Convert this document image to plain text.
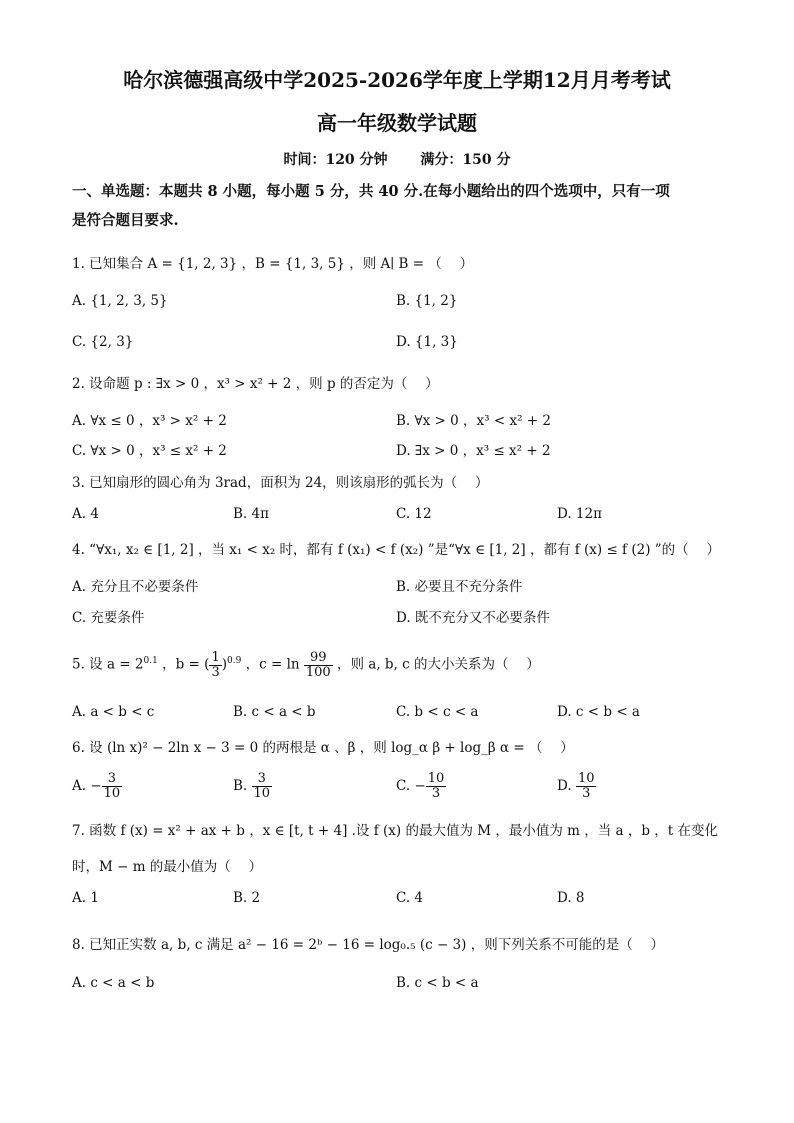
哈尔滨德强高级中学2025-2026学年度上学期12月月考考试
高一年级数学试题
时间：120 分钟　　 满分：150 分
一、单选题：本题共 8 小题，每小题 5 分，共 40 分.在每小题给出的四个选项中，只有一项
是符合题目要求.
1. 已知集合 A = {1, 2, 3} ，B = {1, 3, 5} ，则 A∣ B = （　 ）
A. {1, 2, 3, 5}	B. {1, 2}
C. {2, 3}	D. {1, 3}
2. 设命题 p : ∃x > 0 ，x³ > x² + 2 ，则 p 的否定为（　 ）
A. ∀x ≤ 0 ，x³ > x² + 2	B. ∀x > 0 ，x³ < x² + 2
C. ∀x > 0 ，x³ ≤ x² + 2	D. ∃x > 0 ，x³ ≤ x² + 2
3. 已知扇形的圆心角为 3rad，面积为 24，则该扇形的弧长为（　 ）
A. 4	B. 4π	C. 12	D. 12π
4. “∀x₁, x₂ ∈ [1, 2] ，当 x₁ < x₂ 时，都有 f (x₁) < f (x₂) ”是“∀x ∈ [1, 2] ，都有 f (x) ≤ f (2) ”的（　 ）
A. 充分且不必要条件	B. 必要且不充分条件
C. 充要条件	D. 既不充分又不必要条件
5. 设 $a = 2^{0.1}$ ，b = ( $\frac{1}{3} )^{0.9}$ ，$c = \ln \frac{99}{100}$ ，则 a, b, c 的大小关系为（　 ）
A. a < b < c	B. c < a < b	C. b < c < a	D. c < b < a
6. 设 (ln x)² − 2ln x − 3 = 0 的两根是 α 、β ，则 log_α β + log_β α = （　 ）
A. − $\frac{3}{10}$	B. $\frac{3}{10}$	C. − $\frac{10}{3}$	D. $\frac{10}{3}$
7. 函数 f (x) = x² + ax + b ，x ∈ [t, t + 4] .设 f (x) 的最大值为 M ，最小值为 m ，当 a ，b ，t 在变化
时，M − m 的最小值为（　 ）
A. 1	B. 2	C. 4	D. 8
8. 已知正实数 a, b, c 满足 a² − 16 = 2ᵇ − 16 = log₀.₅ (c − 3) ，则下列关系不可能的是（　 ）
A. c < a < b	B. c < b < a
